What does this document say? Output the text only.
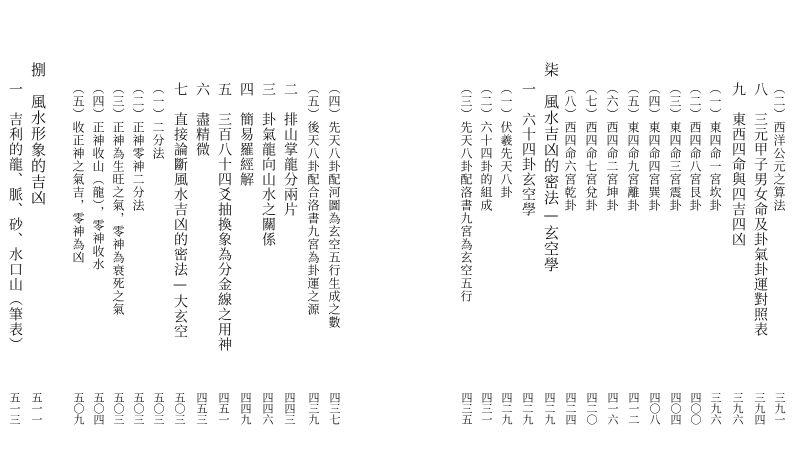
（二）西洋公元之算法
三九一
八　三元甲子男女命及卦氣卦運對照表
三九四
九　東西四命與四吉四凶
三九六
（一）東四命一宮坎卦
三九六
（二）西四命八宮艮卦
四〇〇
（三）東四命三宮震卦
四〇四
（四）東四命四宮巽卦
四〇八
（五）東四命九宮離卦
四一二
（六）西四命二宮坤卦
四一六
（七）西四命七宮兌卦
四二〇
（八）西四命六宮乾卦
四二四
柒　風水吉凶的密法—玄空學
四二九
一　六十四卦玄空學
四二九
（一）伏羲先天八卦
四二九
（二）六十四卦的組成
四三一
（三）先天八卦配洛書九宮為玄空五行
四三五
（四）先天八卦配河圖為玄空五行生成之數
四三七
（五）後天八卦配合洛書九宮為卦運之源
四三九
二　排山掌龍分兩片
四四三
三　卦氣龍向山水之關係
四四六
四　簡易羅經解
四四九
五　三百八十四爻抽換象為分金線之用神
四五一
六　盡精微
四五三
七　直接論斷風水吉凶的密法—大玄空
五〇三
（一）二分法
五〇三
（二）正神零神二分法
五〇三
（三）正神為生旺之氣，零神為衰死之氣
五〇三
（四）正神收山（龍），零神收水
五〇四
（五）收正神之氣吉，零神為凶
五〇九
捌　風水形象的吉凶
五一一
一　吉利的龍、脈、砂、水口山（筆表）
五一三
